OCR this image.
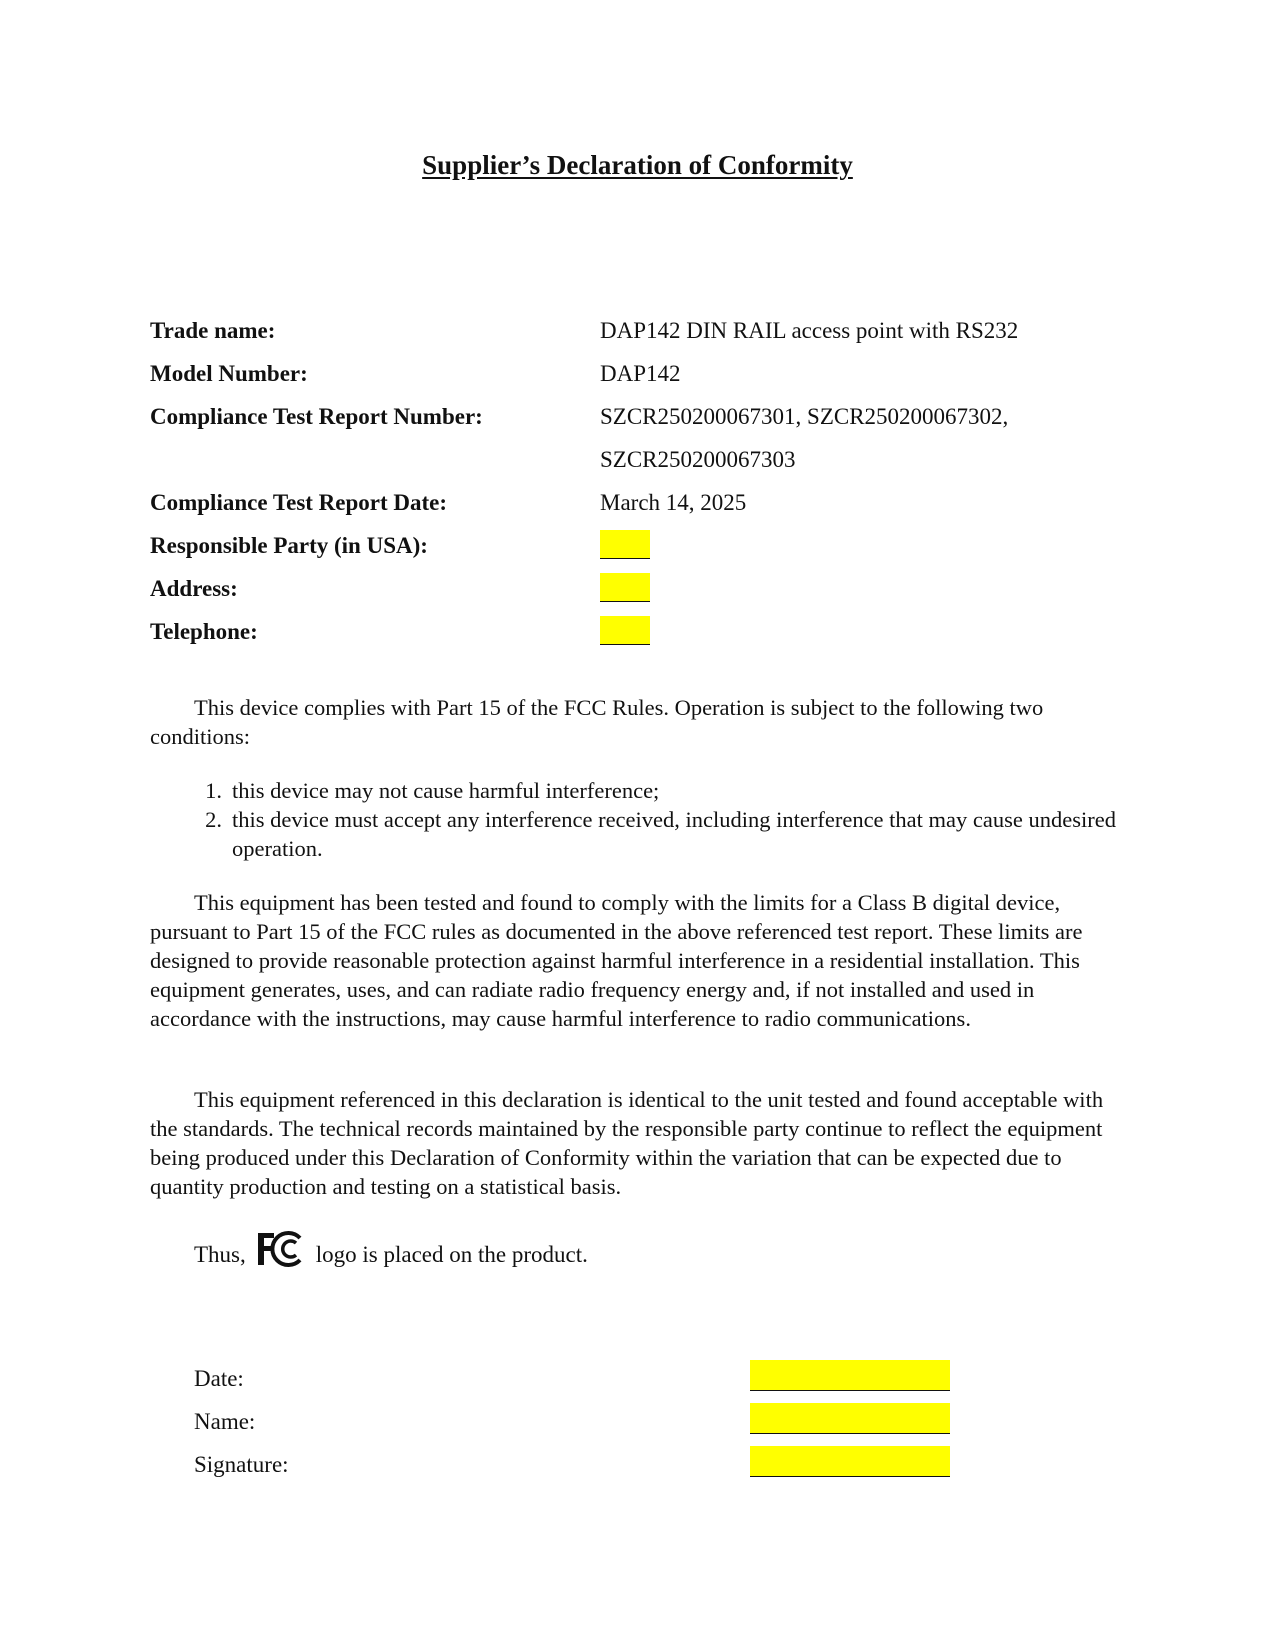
Supplier’s Declaration of Conformity
Trade name:	DAP142 DIN RAIL access point with RS232
Model Number:	DAP142
Compliance Test Report Number:	SZCR250200067301, SZCR250200067302,
SZCR250200067303
Compliance Test Report Date:	March 14, 2025
Responsible Party (in USA):
Address:
Telephone:

This device complies with Part 15 of the FCC Rules. Operation is subject to the following two conditions:

1. this device may not cause harmful interference;
2. this device must accept any interference received, including interference that may cause undesired operation.

This equipment has been tested and found to comply with the limits for a Class B digital device, pursuant to Part 15 of the FCC rules as documented in the above referenced test report. These limits are designed to provide reasonable protection against harmful interference in a residential installation. This equipment generates, uses, and can radiate radio frequency energy and, if not installed and used in accordance with the instructions, may cause harmful interference to radio communications.

This equipment referenced in this declaration is identical to the unit tested and found acceptable with the standards. The technical records maintained by the responsible party continue to reflect the equipment being produced under this Declaration of Conformity within the variation that can be expected due to quantity production and testing on a statistical basis.

Thus,	logo is placed on the product.
Date:
Name:
Signature:
